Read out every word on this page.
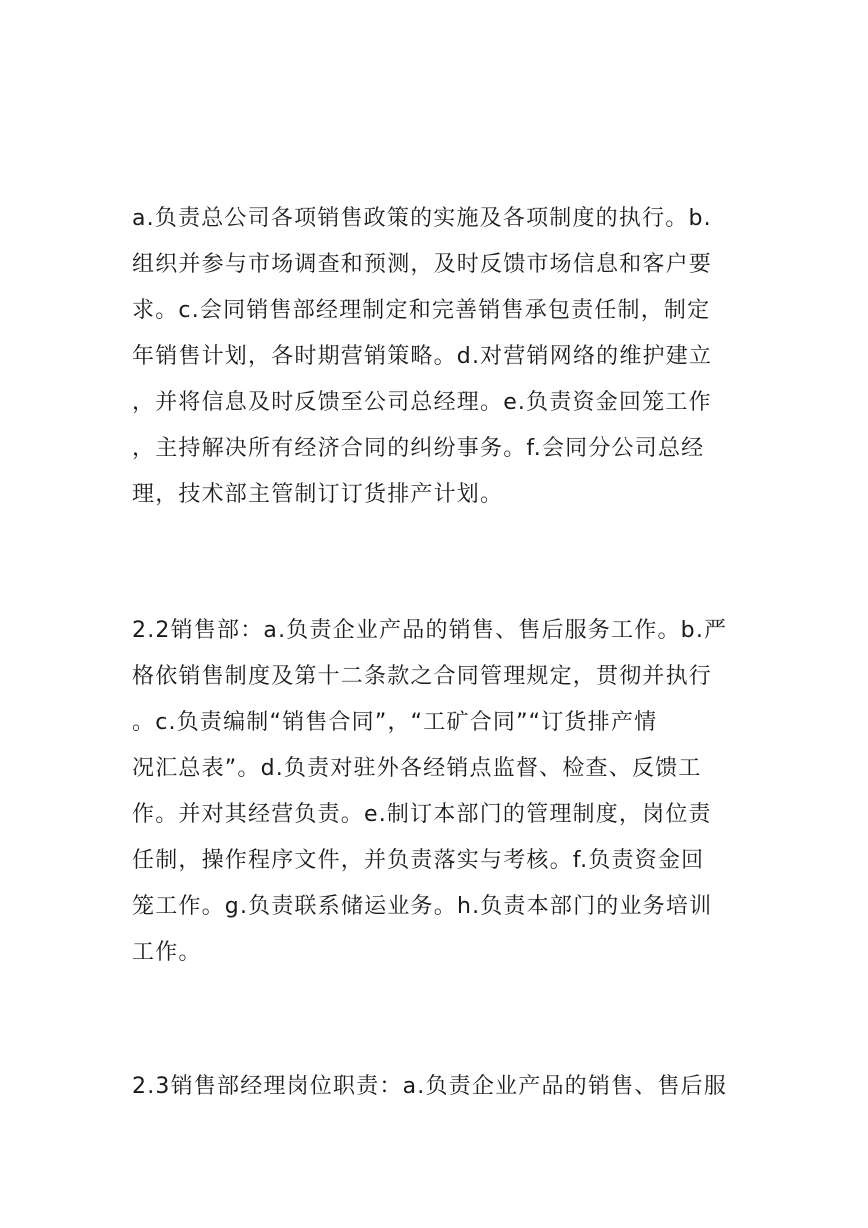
a.负责总公司各项销售政策的实施及各项制度的执行。b.
组织并参与市场调查和预测，及时反馈市场信息和客户要
求。c.会同销售部经理制定和完善销售承包责任制，制定
年销售计划，各时期营销策略。d.对营销网络的维护建立
，并将信息及时反馈至公司总经理。e.负责资金回笼工作
，主持解决所有经济合同的纠纷事务。f.会同分公司总经
理，技术部主管制订订货排产计划。
2.2销售部：a.负责企业产品的销售、售后服务工作。b.严
格依销售制度及第十二条款之合同管理规定，贯彻并执行
。c.负责编制“销售合同”，“工矿合同”“订货排产情
况汇总表”。d.负责对驻外各经销点监督、检查、反馈工
作。并对其经营负责。e.制订本部门的管理制度，岗位责
任制，操作程序文件，并负责落实与考核。f.负责资金回
笼工作。g.负责联系储运业务。h.负责本部门的业务培训
工作。
2.3销售部经理岗位职责：a.负责企业产品的销售、售后服
